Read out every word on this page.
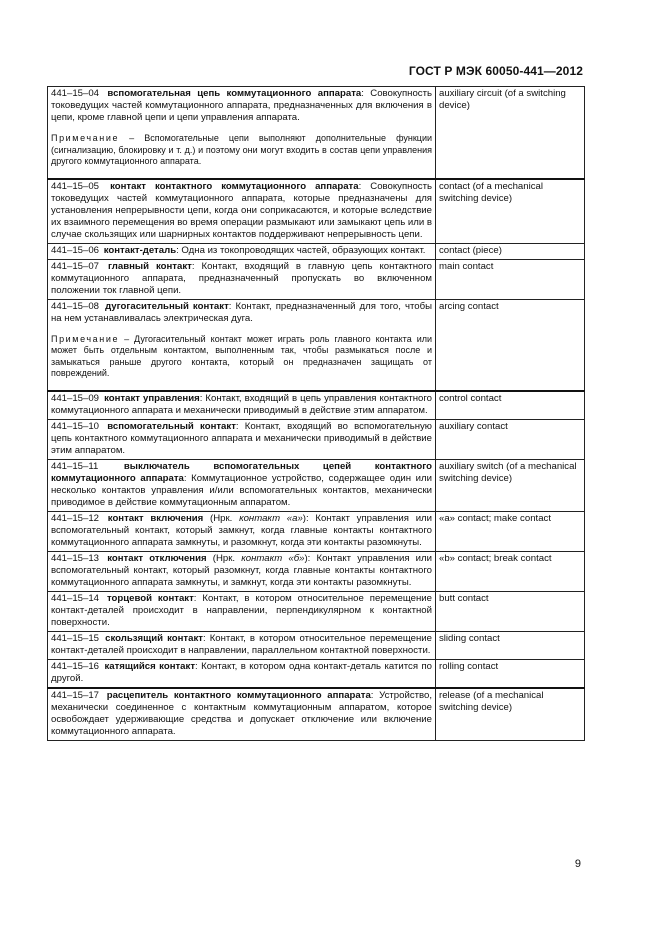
ГОСТ Р МЭК 60050-441—2012
441–15–04 вспомогательная цепь коммутационного аппарата: Совокупность токоведущих частей коммутационного аппарата, предназначенных для включения в цепи, кроме главной цепи и цепи управления аппарата.
Примечание – Вспомогательные цепи выполняют дополнительные функции (сигнализацию, блокировку и т. д.) и поэтому они могут входить в состав цепи управления другого коммутационного аппарата.	auxiliary circuit (of a switching device)
441–15–05 контакт контактного коммутационного аппарата: Совокупность токоведущих частей коммутационного аппарата, которые предназначены для установления непрерывности цепи, когда они соприкасаются, и которые вследствие их взаимного перемещения во время операции размыкают или замыкают цепь или в случае скользящих или шарнирных контактов поддерживают непрерывность цепи.	contact (of a mechanical switching device)
441–15–06 контакт-деталь: Одна из токопроводящих частей, образующих контакт.	contact (piece)
441–15–07 главный контакт: Контакт, входящий в главную цепь контактного коммутационного аппарата, предназначенный пропускать во включенном положении ток главной цепи.	main contact
441–15–08 дугогасительный контакт: Контакт, предназначенный для того, чтобы на нем устанавливалась электрическая дуга.
Примечание – Дугогасительный контакт может играть роль главного контакта или может быть отдельным контактом, выполненным так, чтобы размыкаться после и замыкаться раньше другого контакта, который он предназначен защищать от повреждений.	arcing contact
441–15–09 контакт управления: Контакт, входящий в цепь управления контактного коммутационного аппарата и механически приводимый в действие этим аппаратом.	control contact
441–15–10 вспомогательный контакт: Контакт, входящий во вспомогательную цепь контактного коммутационного аппарата и механически приводимый в действие этим аппаратом.	auxiliary contact
441–15–11 выключатель вспомогательных цепей контактного коммутационного аппарата: Коммутационное устройство, содержащее один или несколько контактов управления и/или вспомогательных контактов, механически приводимое в действие коммутационным аппаратом.	auxiliary switch (of a mechanical switching device)
441–15–12 контакт включения (Нрк. контакт «а»): Контакт управления или вспомогательный контакт, который замкнут, когда главные контакты контактного коммутационного аппарата замкнуты, и разомкнут, когда эти контакты разомкнуты.	«a» contact; make contact
441–15–13 контакт отключения (Нрк. контакт «б»): Контакт управления или вспомогательный контакт, который разомкнут, когда главные контакты контактного коммутационного аппарата замкнуты, и замкнут, когда эти контакты разомкнуты.	«b» contact; break contact
441–15–14 торцевой контакт: Контакт, в котором относительное перемещение контакт-деталей происходит в направлении, перпендикулярном к контактной поверхности.	butt contact
441–15–15 скользящий контакт: Контакт, в котором относительное перемещение контакт-деталей происходит в направлении, параллельном контактной поверхности.	sliding contact
441–15–16 катящийся контакт: Контакт, в котором одна контакт-деталь катится по другой.	rolling contact
441–15–17 расцепитель контактного коммутационного аппарата: Устройство, механически соединенное с контактным коммутационным аппаратом, которое освобождает удерживающие средства и допускает отключение или включение коммутационного аппарата.	release (of a mechanical switching device)
9
